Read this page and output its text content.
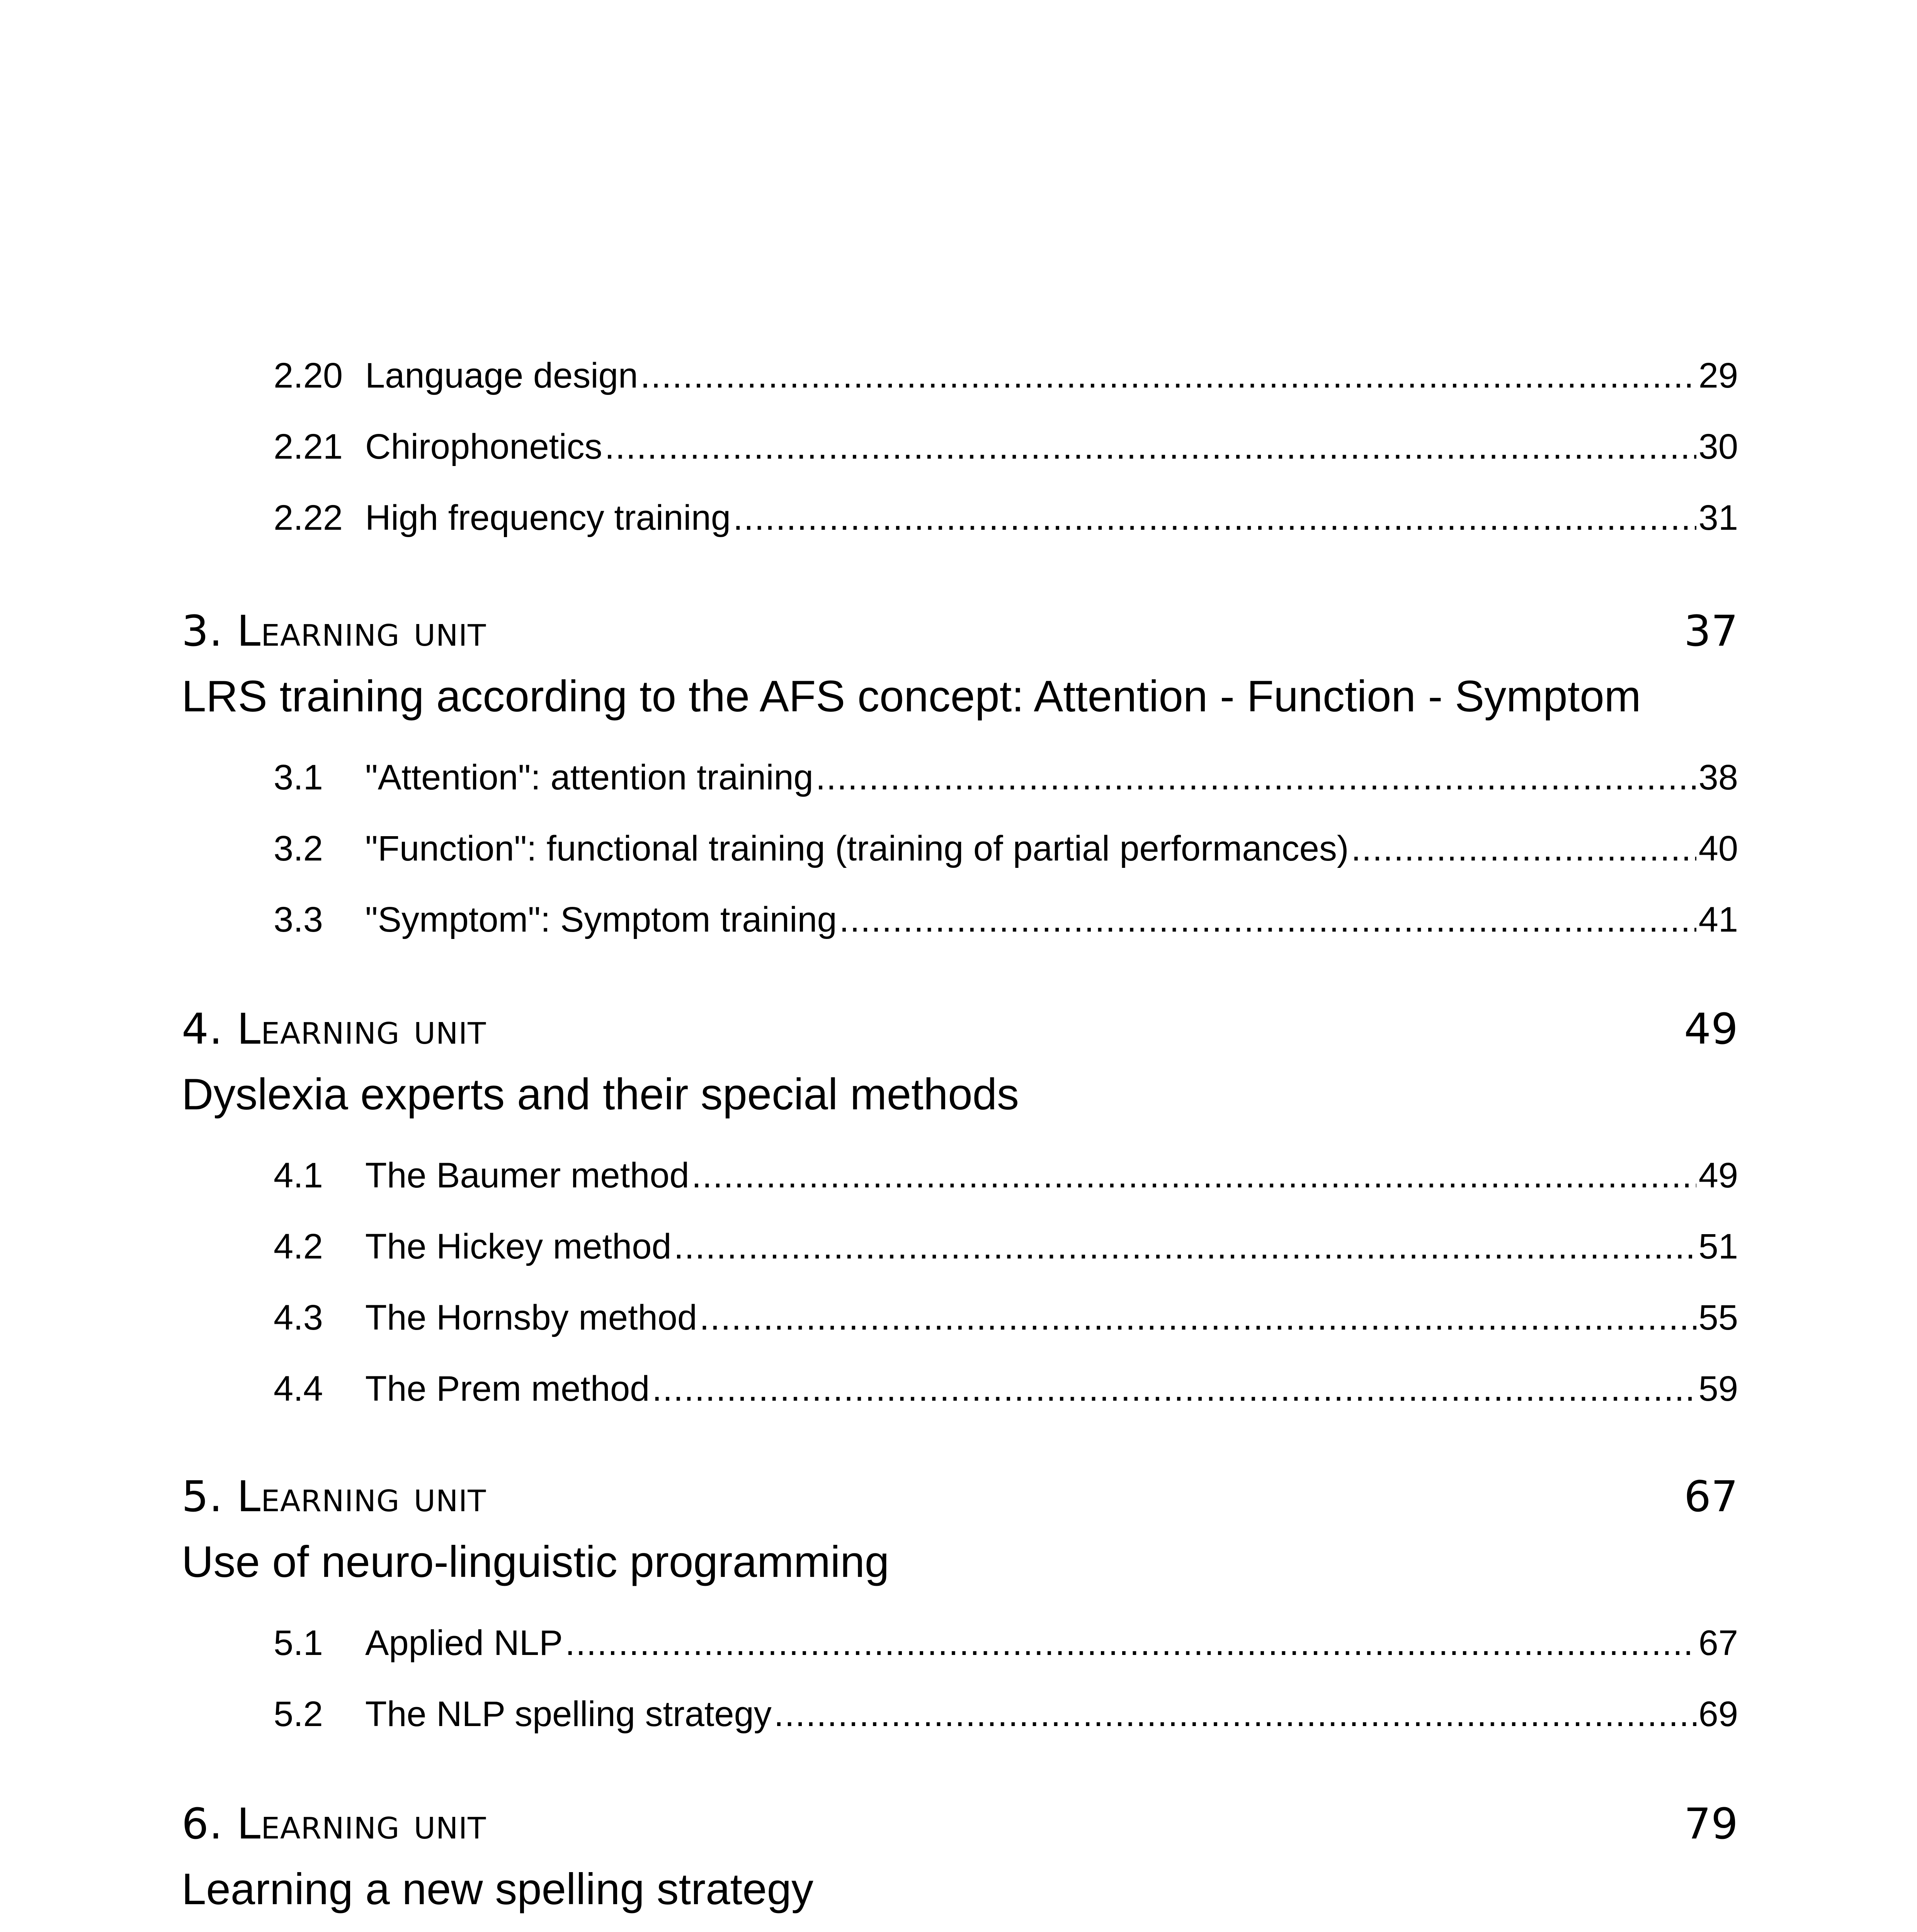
2.20 Language design .....	29
2.21 Chirophonetics .....	30
2.22 High frequency training .....	31
3. Learning unit	37
LRS training according to the AFS concept: Attention - Function - Symptom
3.1	"Attention": attention training .....	38
3.2	"Function": functional training (training of partial performances) .....	40
3.3	"Symptom": Symptom training .....	41
4. Learning unit	49
Dyslexia experts and their special methods
4.1	The Baumer method .....	49
4.2	The Hickey method .....	51
4.3	The Hornsby method .....	55
4.4	The Prem method .....	59
5. Learning unit	67
Use of neuro-linguistic programming
5.1	Applied NLP .....	67
5.2	The NLP spelling strategy .....	69
6. Learning unit	79
Learning a new spelling strategy
